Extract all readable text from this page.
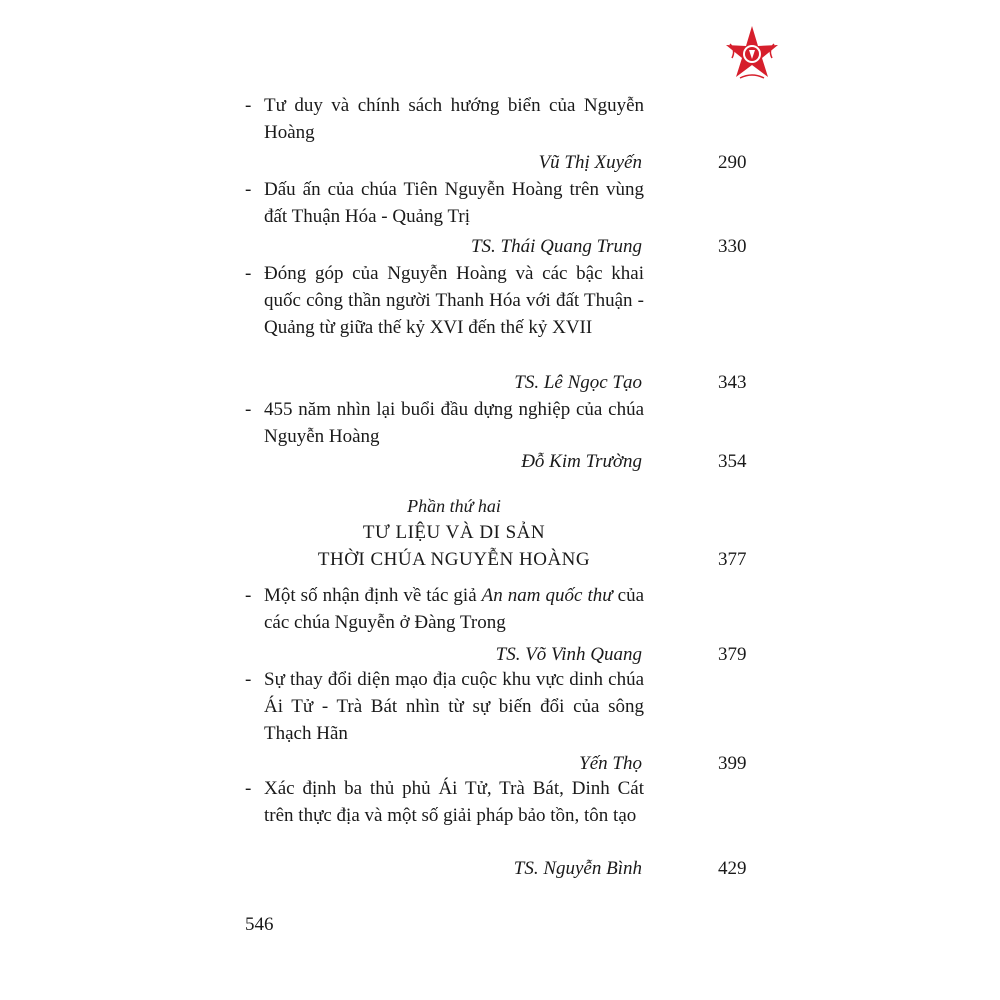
- Tư duy và chính sách hướng biển của Nguyễn Hoàng
Vũ Thị Xuyến	290
- Dấu ấn của chúa Tiên Nguyễn Hoàng trên vùng đất Thuận Hóa - Quảng Trị
TS. Thái Quang Trung	330
- Đóng góp của Nguyễn Hoàng và các bậc khai quốc công thần người Thanh Hóa với đất Thuận - Quảng từ giữa thế kỷ XVI đến thế kỷ XVII
TS. Lê Ngọc Tạo	343
- 455 năm nhìn lại buổi đầu dựng nghiệp của chúa Nguyễn Hoàng
Đỗ Kim Trường	354
Phần thứ hai
TƯ LIỆU VÀ DI SẢN
THỜI CHÚA NGUYỄN HOÀNG	377
- Một số nhận định về tác giả An nam quốc thư của các chúa Nguyễn ở Đàng Trong
TS. Võ Vinh Quang	379
- Sự thay đổi diện mạo địa cuộc khu vực dinh chúa Ái Tử - Trà Bát nhìn từ sự biến đổi của sông Thạch Hãn
Yến Thọ	399
- Xác định ba thủ phủ Ái Tử, Trà Bát, Dinh Cát trên thực địa và một số giải pháp bảo tồn, tôn tạo
TS. Nguyễn Bình	429
546
